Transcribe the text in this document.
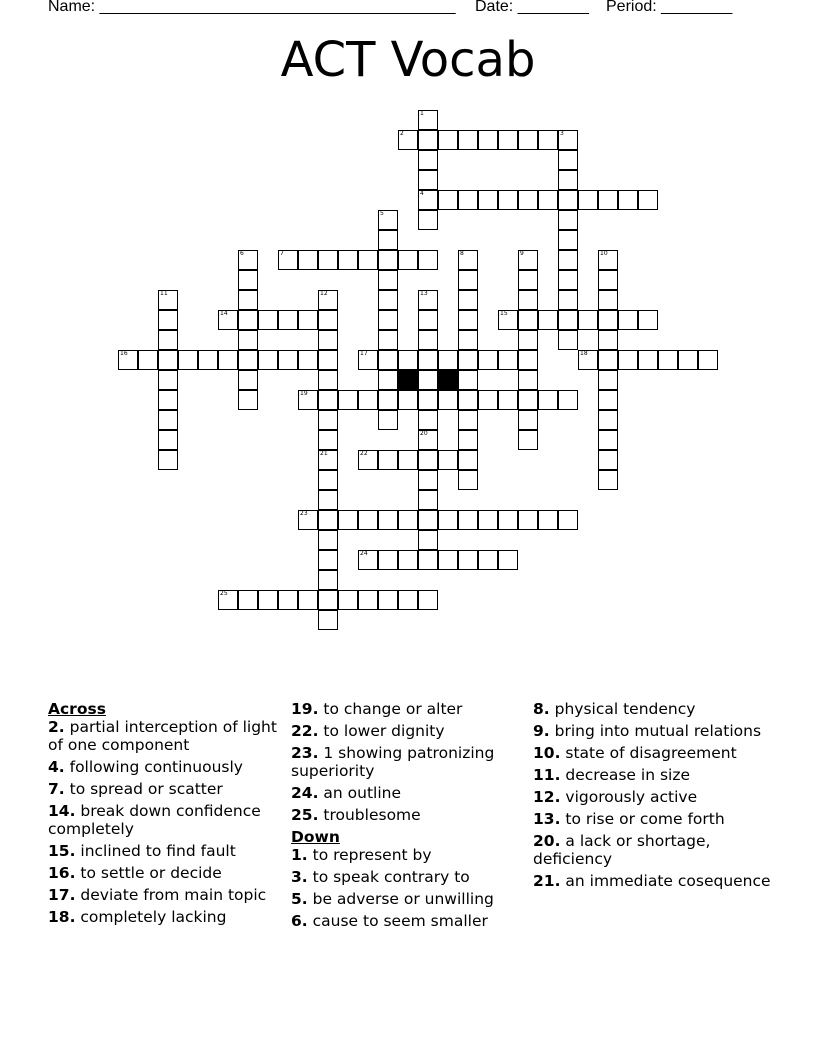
Name: ________________________________________ Date: ________ Period: ________
ACT Vocab
1
4
2	3
5
6	7	8	9	10
11	12	13
14	15
16	17	18
19
20
21	22
23
24
25
Across
2. partial interception of light of one component
4. following continuously
7. to spread or scatter
14. break down confidence completely
15. inclined to find fault
16. to settle or decide
17. deviate from main topic
18. completely lacking
19. to change or alter
22. to lower dignity
23. 1 showing patronizing superiority
24. an outline
25. troublesome
Down
1. to represent by
3. to speak contrary to
5. be adverse or unwilling
6. cause to seem smaller
8. physical tendency
9. bring into mutual relations
10. state of disagreement
11. decrease in size
12. vigorously active
13. to rise or come forth
20. a lack or shortage, deficiency
21. an immediate cosequence
